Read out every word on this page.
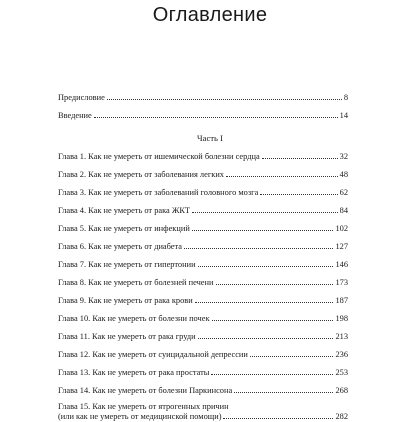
Оглавление
Предисловие	8
Введение	14
Часть I
Глава 1. Как не умереть от ишемической болезни сердца	32
Глава 2. Как не умереть от заболевания легких	48
Глава 3. Как не умереть от заболеваний головного мозга	62
Глава 4. Как не умереть от рака ЖКТ	84
Глава 5. Как не умереть от инфекций	102
Глава 6. Как не умереть от диабета	127
Глава 7. Как не умереть от гипертонии	146
Глава 8. Как не умереть от болезней печени	173
Глава 9. Как не умереть от рака крови	187
Глава 10. Как не умереть от болезни почек	198
Глава 11. Как не умереть от рака груди	213
Глава 12. Как не умереть от суицидальной депрессии	236
Глава 13. Как не умереть от рака простаты	253
Глава 14. Как не умереть от болезни Паркинсона	268
Глава 15. Как не умереть от ятрогенных причин
(или как не умереть от медицинской помощи)	282
